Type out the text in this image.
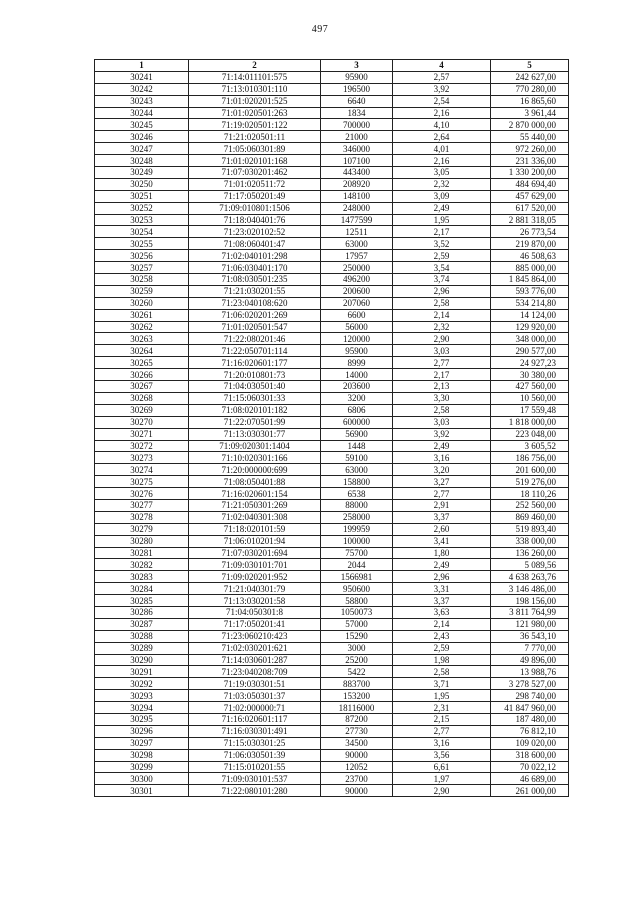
497
1	2	3	4	5
30241	71:14:011101:575	95900	2,57	242 627,00
30242	71:13:010301:110	196500	3,92	770 280,00
30243	71:01:020201:525	6640	2,54	16 865,60
30244	71:01:020501:263	1834	2,16	3 961,44
30245	71:19:020501:122	700000	4,10	2 870 000,00
30246	71:21:020501:11	21000	2,64	55 440,00
30247	71:05:060301:89	346000	4,01	972 260,00
30248	71:01:020101:168	107100	2,16	231 336,00
30249	71:07:030201:462	443400	3,05	1 330 200,00
30250	71:01:020511:72	208920	2,32	484 694,40
30251	71:17:050201:49	148100	3,09	457 629,00
30252	71:09:010801:1506	248000	2,49	617 520,00
30253	71:18:040401:76	1477599	1,95	2 881 318,05
30254	71:23:020102:52	12511	2,17	26 773,54
30255	71:08:060401:47	63000	3,52	219 870,00
30256	71:02:040101:298	17957	2,59	46 508,63
30257	71:06:030401:170	250000	3,54	885 000,00
30258	71:08:030501:235	496200	3,74	1 845 864,00
30259	71:21:030201:55	200600	2,96	593 776,00
30260	71:23:040108:620	207060	2,58	534 214,80
30261	71:06:020201:269	6600	2,14	14 124,00
30262	71:01:020501:547	56000	2,32	129 920,00
30263	71:22:080201:46	120000	2,90	348 000,00
30264	71:22:050701:114	95900	3,03	290 577,00
30265	71:16:020601:177	8999	2,77	24 927,23
30266	71:20:010801:73	14000	2,17	30 380,00
30267	71:04:030501:40	203600	2,13	427 560,00
30268	71:15:060301:33	3200	3,30	10 560,00
30269	71:08:020101:182	6806	2,58	17 559,48
30270	71:22:070501:99	600000	3,03	1 818 000,00
30271	71:13:030301:77	56900	3,92	223 048,00
30272	71:09:020301:1404	1448	2,49	3 605,52
30273	71:10:020301:166	59100	3,16	186 756,00
30274	71:20:000000:699	63000	3,20	201 600,00
30275	71:08:050401:88	158800	3,27	519 276,00
30276	71:16:020601:154	6538	2,77	18 110,26
30277	71:21:050301:269	88000	2,91	252 560,00
30278	71:02:040301:308	258000	3,37	869 460,00
30279	71:18:020101:59	199959	2,60	519 893,40
30280	71:06:010201:94	100000	3,41	338 000,00
30281	71:07:030201:694	75700	1,80	136 260,00
30282	71:09:030101:701	2044	2,49	5 089,56
30283	71:09:020201:952	1566981	2,96	4 638 263,76
30284	71:21:040301:79	950600	3,31	3 146 486,00
30285	71:13:030201:58	58800	3,37	198 156,00
30286	71:04:050301:8	1050073	3,63	3 811 764,99
30287	71:17:050201:41	57000	2,14	121 980,00
30288	71:23:060210:423	15290	2,43	36 543,10
30289	71:02:030201:621	3000	2,59	7 770,00
30290	71:14:030601:287	25200	1,98	49 896,00
30291	71:23:040208:709	5422	2,58	13 988,76
30292	71:19:030301:51	883700	3,71	3 278 527,00
30293	71:03:050301:37	153200	1,95	298 740,00
30294	71:02:000000:71	18116000	2,31	41 847 960,00
30295	71:16:020601:117	87200	2,15	187 480,00
30296	71:16:030301:491	27730	2,77	76 812,10
30297	71:15:030301:25	34500	3,16	109 020,00
30298	71:06:030501:39	90000	3,56	318 600,00
30299	71:15:010201:55	12052	6,61	70 022,12
30300	71:09:030101:537	23700	1,97	46 689,00
30301	71:22:080101:280	90000	2,90	261 000,00
